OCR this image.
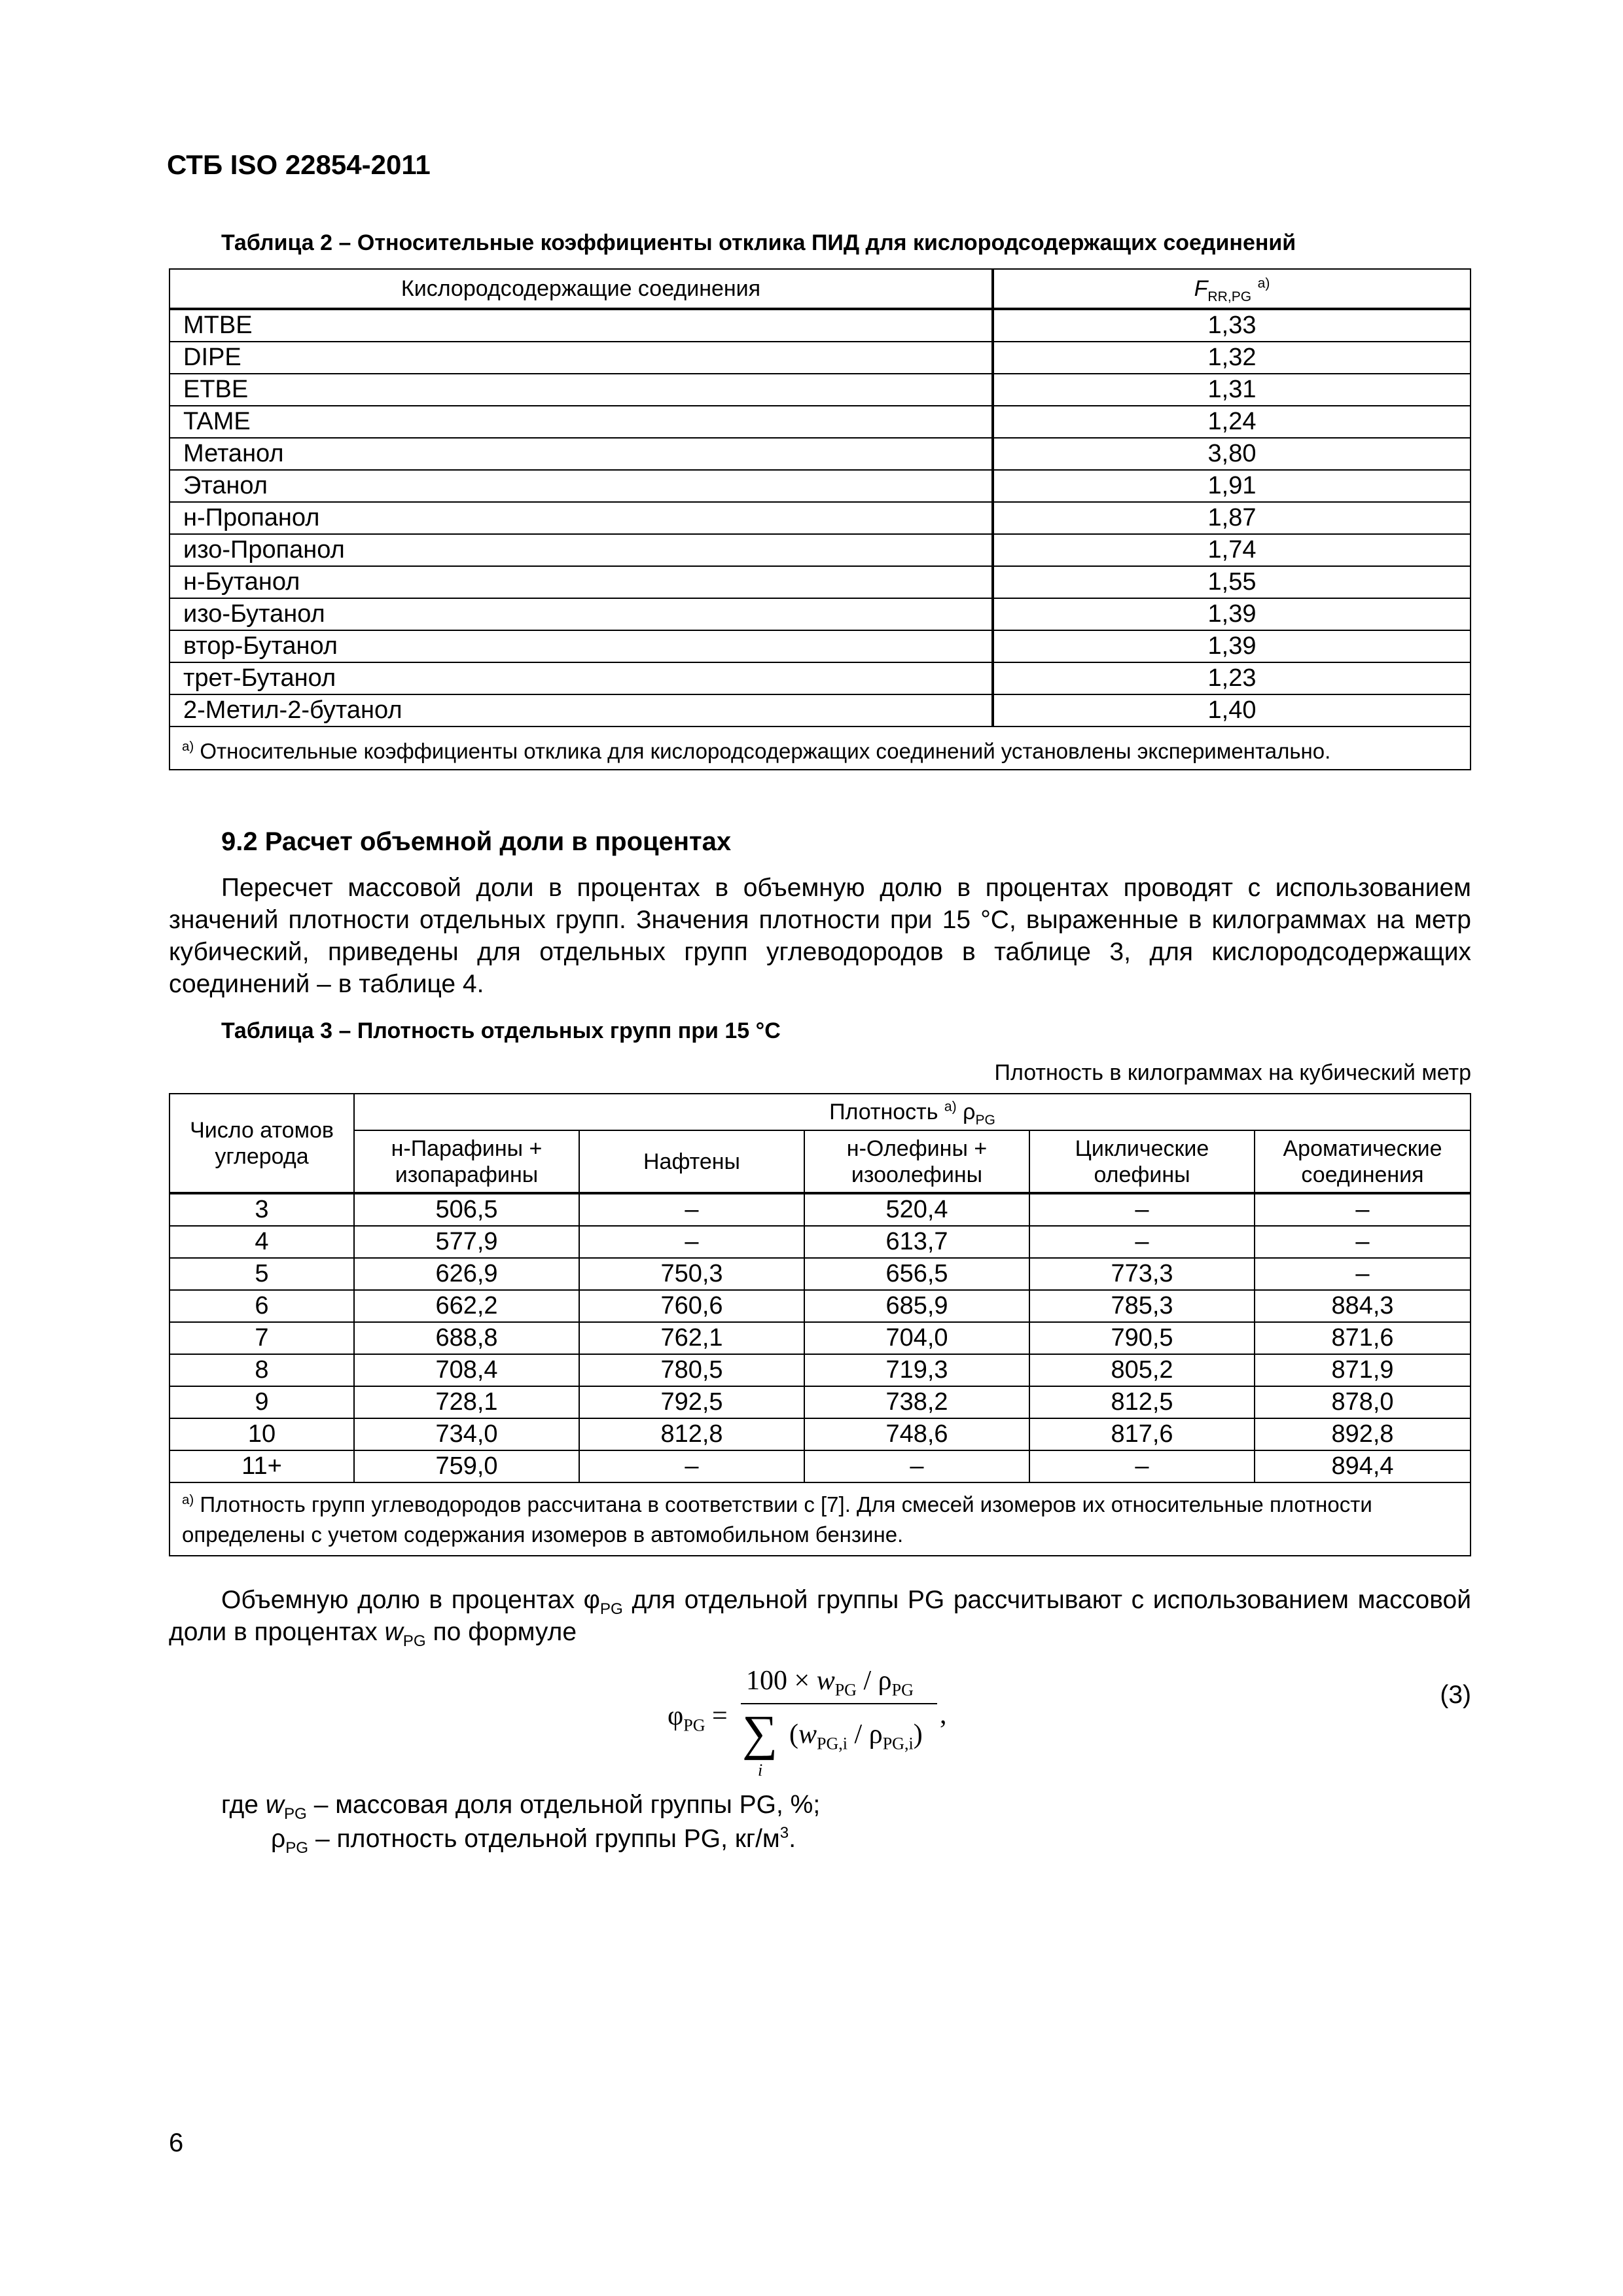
СТБ ISO 22854-2011
Таблица 2 – Относительные коэффициенты отклика ПИД для кислородсодержащих соединений
Кислородсодержащие соединения	$F_{RR,PG}$ $^{a)}$
MTBE	1,33
DIPE	1,32
ETBE	1,31
TAME	1,24
Метанол	3,80
Этанол	1,91
н-Пропанол	1,87
изо-Пропанол	1,74
н-Бутанол	1,55
изо-Бутанол	1,39
втор-Бутанол	1,39
трет-Бутанол	1,23
2-Метил-2-бутанол	1,40
$^{a)}$ Относительные коэффициенты отклика для кислородсодержащих соединений установлены экспериментально.	
9.2 Расчет объемной доли в процентах
Пересчет массовой доли в процентах в объемную долю в процентах проводят с использованием значений плотности отдельных групп. Значения плотности при 15 °С, выраженные в килограммах на метр кубический, приведены для отдельных групп углеводородов в таблице 3, для кислородсодержащих соединений – в таблице 4.
Таблица 3 – Плотность отдельных групп при 15 °С
Плотность в килограммах на кубический метр
Число атомов углерода	Плотность $^{a)}$ $\rho_{PG}$
	н-Парафины + изопарафины	Нафтены	н-Олефины + изоолефины	Циклические олефины	Ароматические соединения
3	506,5	–	520,4	–	–
4	577,9	–	613,7	–	–
5	626,9	750,3	656,5	773,3	–
6	662,2	760,6	685,9	785,3	884,3
7	688,8	762,1	704,0	790,5	871,6
8	708,4	780,5	719,3	805,2	871,9
9	728,1	792,5	738,2	812,5	878,0
10	734,0	812,8	748,6	817,6	892,8
11+	759,0	–	–	–	894,4
$^{a)}$ Плотность групп углеводородов рассчитана в соответствии с [7]. Для смесей изомеров их относительные плотности определены с учетом содержания изомеров в автомобильном бензине.					
Объемную долю в процентах $\varphi_{PG}$ для отдельной группы PG рассчитывают с использованием массовой доли в процентах $w_{PG}$ по формуле
$\varphi_{PG}$ =
$100 \times w_{PG} / \rho_{PG}$
,
∑ $(w_{PG,i} / \rho_{PG,i})$
i
(3)
где $w_{PG}$ – массовая доля отдельной группы PG, %;
$\rho_{PG}$ – плотность отдельной группы PG, $кг/м^3$.
6
